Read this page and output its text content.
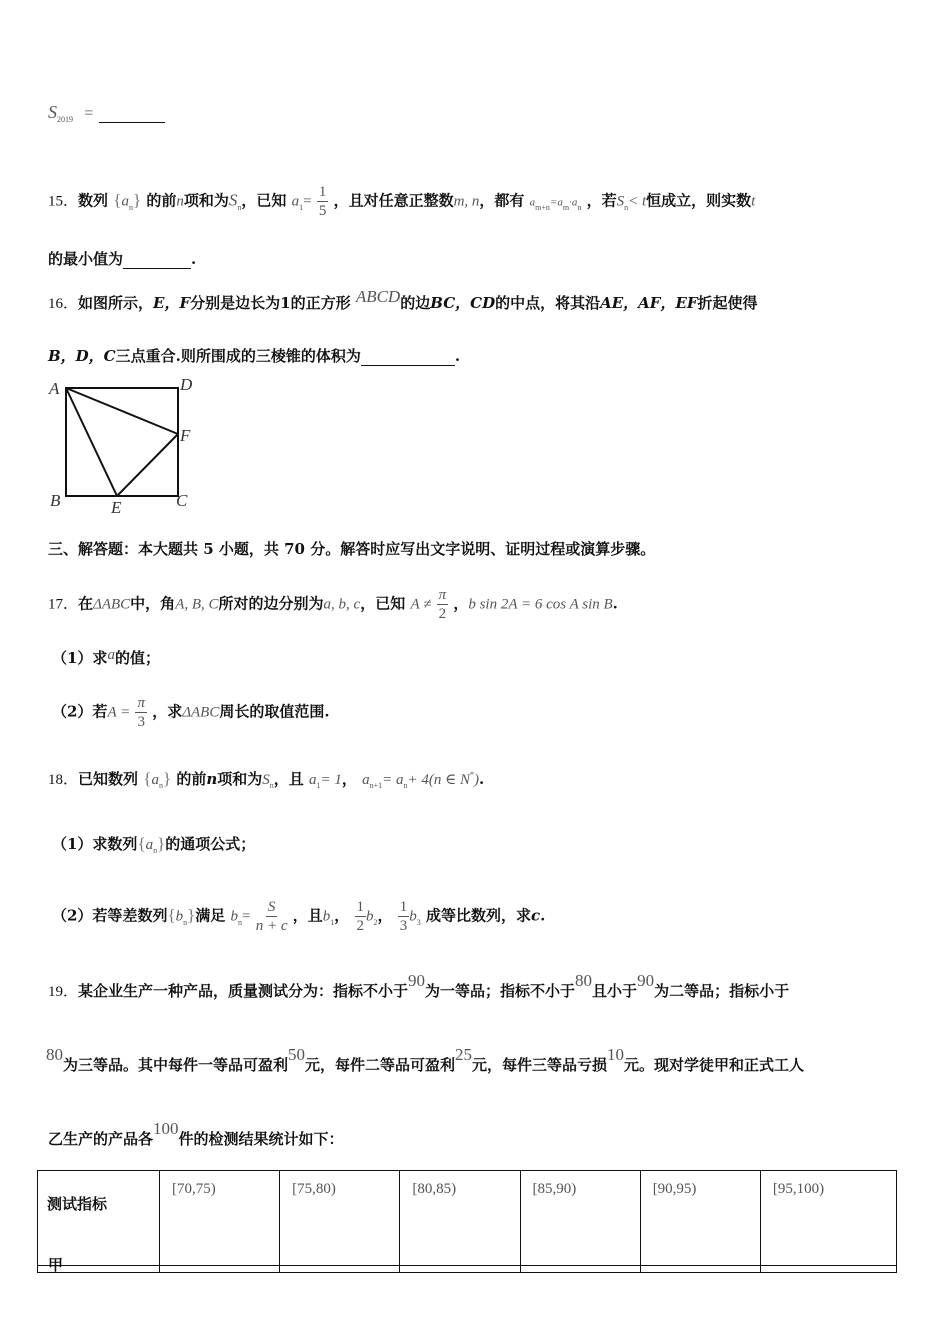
$S_{2019}$ =
15．数列 $\{a_n\}$ 的前n项和为$S_n$，已知 $a_1= \frac{1}{5}$ ，且对任意正整数m, n，都有 $a_{m+n}=a_m\cdot a_n$ ，若$S_n< t$恒成立，则实数t
的最小值为	.
16．如图所示，E，F分别是边长为1的正方形 ABCD的边BC，CD的中点，将其沿AE，AF，EF折起使得
B，D，C三点重合.则所围成的三棱锥的体积为	.
A	D
F
B	E	C
三、解答题：本大题共 5 小题，共 70 分。解答时应写出文字说明、证明过程或演算步骤。
17．在ΔABC中，角A, B, C所对的边分别为a, b, c，已知 $A \ne \frac{\pi}{2}$ ，b sin 2A = 6 cos A sin B.
（1）求a的值；
（2）若$A = \frac{\pi}{3}$ ，求ΔABC周长的取值范围.
18．已知数列 $\{a_n\}$ 的前n项和为$S_n$，且 $a_1= 1$， $a_{n+1}= a_n+ 4(n$ ∈ N*).
（1）求数列$\{a_n\}$的通项公式；
（2）若等差数列$\{b_n\}$满足 $b_n= \frac{S}{n + c}$ ，且$b_1$， $\frac{1}{2} b_2$， $\frac{1}{3} b_3$ 成等比数列，求c.
19．某企业生产一种产品，质量测试分为：指标不小于90为一等品；指标不小于80且小于90为二等品；指标小于
80为三等品。其中每件一等品可盈利50元，每件二等品可盈利25元，每件三等品亏损10元。现对学徒甲和正式工人
乙生产的产品各100件的检测结果统计如下：
测试指标	[70,75)	[75,80)	[80,85)	[85,90)	[90,95)	[95,100)

甲
